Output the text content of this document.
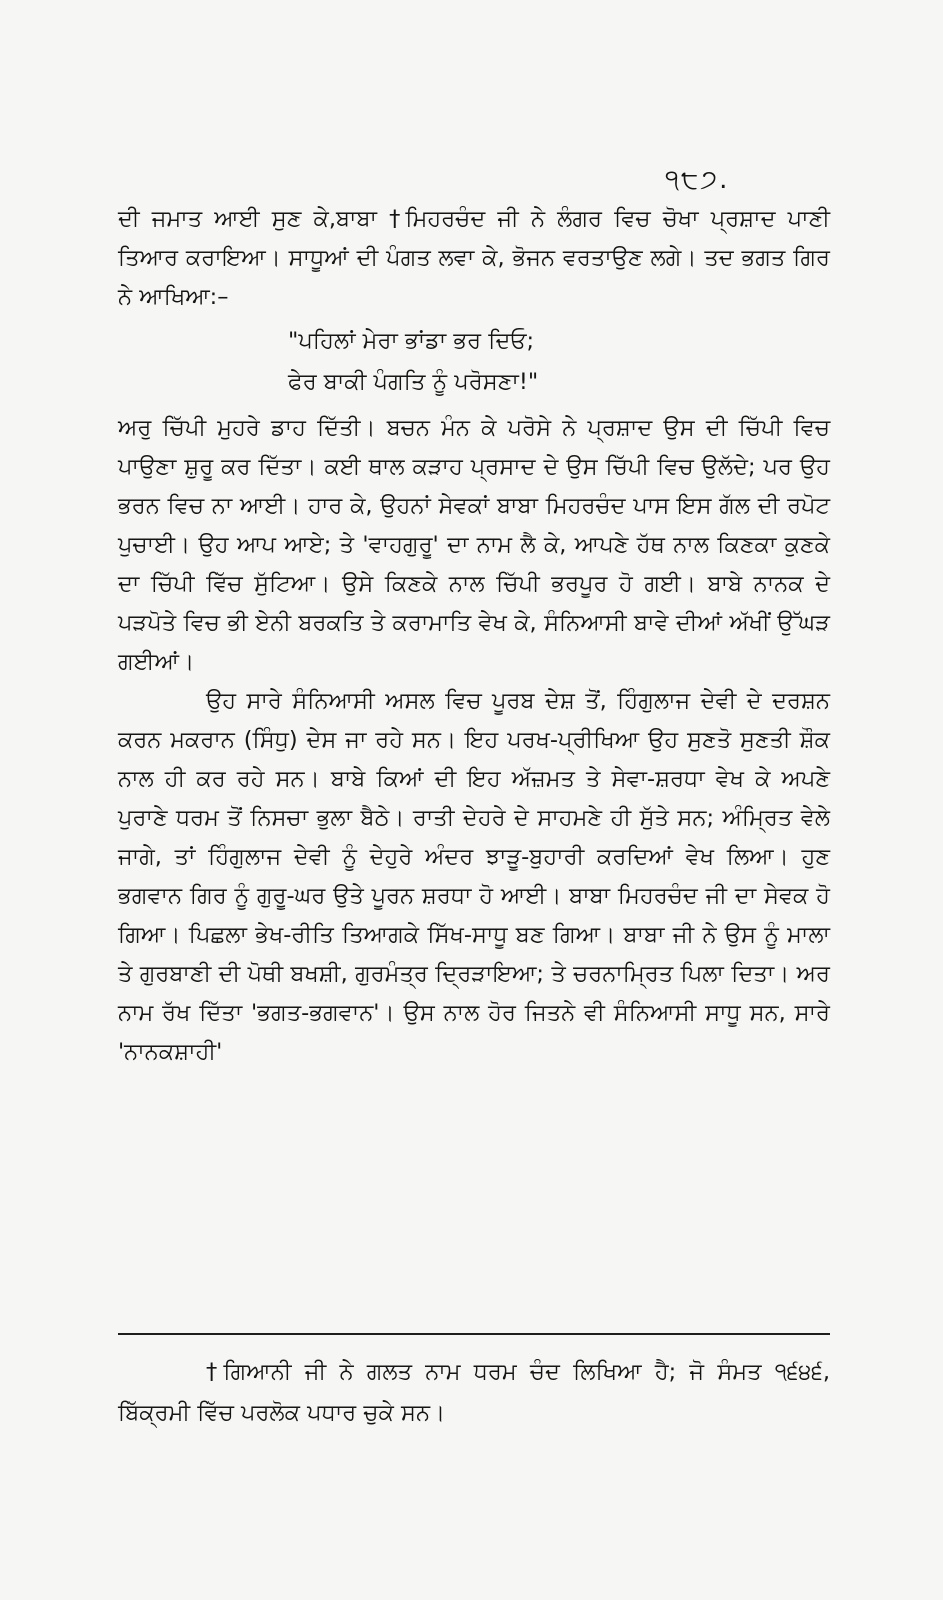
੧੮੭.

ਦੀ ਜਮਾਤ ਆਈ ਸੁਣ ਕੇ,ਬਾਬਾ †ਮਿਹਰਚੰਦ ਜੀ ਨੇ ਲੰਗਰ ਵਿਚ ਚੋਖਾ ਪ੍ਰਸ਼ਾਦ ਪਾਣੀ ਤਿਆਰ ਕਰਾਇਆ। ਸਾਧੂਆਂ ਦੀ ਪੰਗਤ ਲਵਾ ਕੇ, ਭੋਜਨ ਵਰਤਾਉਣ ਲਗੇ। ਤਦ ਭਗਤ ਗਿਰ ਨੇ ਆਖਿਆ:–

"ਪਹਿਲਾਂ ਮੇਰਾ ਭਾਂਡਾ ਭਰ ਦਿਓ;
ਫੇਰ ਬਾਕੀ ਪੰਗਤਿ ਨੂੰ ਪਰੋਸਣਾ!"

ਅਰੁ ਚਿੱਪੀ ਮੁਹਰੇ ਡਾਹ ਦਿੱਤੀ। ਬਚਨ ਮੰਨ ਕੇ ਪਰੋਸੇ ਨੇ ਪ੍ਰਸ਼ਾਦ ਉਸ ਦੀ ਚਿੱਪੀ ਵਿਚ ਪਾਉਣਾ ਸ਼ੁਰੂ ਕਰ ਦਿੱਤਾ। ਕਈ ਥਾਲ ਕੜਾਹ ਪ੍ਰਸਾਦ ਦੇ ਉਸ ਚਿੱਪੀ ਵਿਚ ਉਲੱਦੇ; ਪਰ ਉਹ ਭਰਨ ਵਿਚ ਨਾ ਆਈ। ਹਾਰ ਕੇ, ਉਹਨਾਂ ਸੇਵਕਾਂ ਬਾਬਾ ਮਿਹਰਚੰਦ ਪਾਸ ਇਸ ਗੱਲ ਦੀ ਰਪੋਟ ਪੁਚਾਈ। ਉਹ ਆਪ ਆਏ; ਤੇ 'ਵਾਹਗੁਰੂ' ਦਾ ਨਾਮ ਲੈ ਕੇ, ਆਪਣੇ ਹੱਥ ਨਾਲ ਕਿਣਕਾ ਕੁਣਕੇ ਦਾ ਚਿੱਪੀ ਵਿੱਚ ਸੁੱਟਿਆ। ਉਸੇ ਕਿਣਕੇ ਨਾਲ ਚਿੱਪੀ ਭਰਪੂਰ ਹੋ ਗਈ। ਬਾਬੇ ਨਾਨਕ ਦੇ ਪੜਪੋਤੇ ਵਿਚ ਭੀ ਏਨੀ ਬਰਕਤਿ ਤੇ ਕਰਾਮਾਤਿ ਵੇਖ ਕੇ, ਸੰਨਿਆਸੀ ਬਾਵੇ ਦੀਆਂ ਅੱਖੀਂ ਉੱਘੜ ਗਈਆਂ।

ਉਹ ਸਾਰੇ ਸੰਨਿਆਸੀ ਅਸਲ ਵਿਚ ਪੂਰਬ ਦੇਸ਼ ਤੋਂ, ਹਿੰਗੁਲਾਜ ਦੇਵੀ ਦੇ ਦਰਸ਼ਨ ਕਰਨ ਮਕਰਾਨ (ਸਿੰਧੁ) ਦੇਸ ਜਾ ਰਹੇ ਸਨ। ਇਹ ਪਰਖ-ਪ੍ਰੀਖਿਆ ਉਹ ਸੁਣਤੋ ਸੁਣਤੀ ਸ਼ੌਕ ਨਾਲ ਹੀ ਕਰ ਰਹੇ ਸਨ। ਬਾਬੇ ਕਿਆਂ ਦੀ ਇਹ ਅੱਜ਼ਮਤ ਤੇ ਸੇਵਾ-ਸ਼ਰਧਾ ਵੇਖ ਕੇ ਅਪਣੇ ਪੁਰਾਣੇ ਧਰਮ ਤੋਂ ਨਿਸਚਾ ਭੁਲਾ ਬੈਠੇ। ਰਾਤੀ ਦੇਹਰੇ ਦੇ ਸਾਹਮਣੇ ਹੀ ਸੁੱਤੇ ਸਨ; ਅੰਮ੍ਰਿਤ ਵੇਲੇ ਜਾਗੇ, ਤਾਂ ਹਿੰਗੁਲਾਜ ਦੇਵੀ ਨੂੰ ਦੇਹੁਰੇ ਅੰਦਰ ਝਾੜੂ-ਬੁਹਾਰੀ ਕਰਦਿਆਂ ਵੇਖ ਲਿਆ। ਹੁਣ ਭਗਵਾਨ ਗਿਰ ਨੂੰ ਗੁਰੂ-ਘਰ ਉਤੇ ਪੂਰਨ ਸ਼ਰਧਾ ਹੋ ਆਈ। ਬਾਬਾ ਮਿਹਰਚੰਦ ਜੀ ਦਾ ਸੇਵਕ ਹੋ ਗਿਆ। ਪਿਛਲਾ ਭੇਖ-ਰੀਤਿ ਤਿਆਗਕੇ ਸਿੱਖ-ਸਾਧੂ ਬਣ ਗਿਆ। ਬਾਬਾ ਜੀ ਨੇ ਉਸ ਨੂੰ ਮਾਲਾ ਤੇ ਗੁਰਬਾਣੀ ਦੀ ਪੋਥੀ ਬਖਸ਼ੀ, ਗੁਰਮੰਤ੍ਰ ਦ੍ਰਿੜਾਇਆ; ਤੇ ਚਰਨਾਮ੍ਰਿਤ ਪਿਲਾ ਦਿਤਾ। ਅਰ ਨਾਮ ਰੱਖ ਦਿੱਤਾ 'ਭਗਤ-ਭਗਵਾਨ'। ਉਸ ਨਾਲ ਹੋਰ ਜਿਤਨੇ ਵੀ ਸੰਨਿਆਸੀ ਸਾਧੂ ਸਨ, ਸਾਰੇ 'ਨਾਨਕਸ਼ਾਹੀ'

†ਗਿਆਨੀ ਜੀ ਨੇ ਗਲਤ ਨਾਮ ਧਰਮ ਚੰਦ ਲਿਖਿਆ ਹੈ; ਜੋ ਸੰਮਤ ੧੬੪੬, ਬਿੱਕ੍ਰਮੀ ਵਿੱਚ ਪਰਲੋਕ ਪਧਾਰ ਚੁਕੇ ਸਨ।
